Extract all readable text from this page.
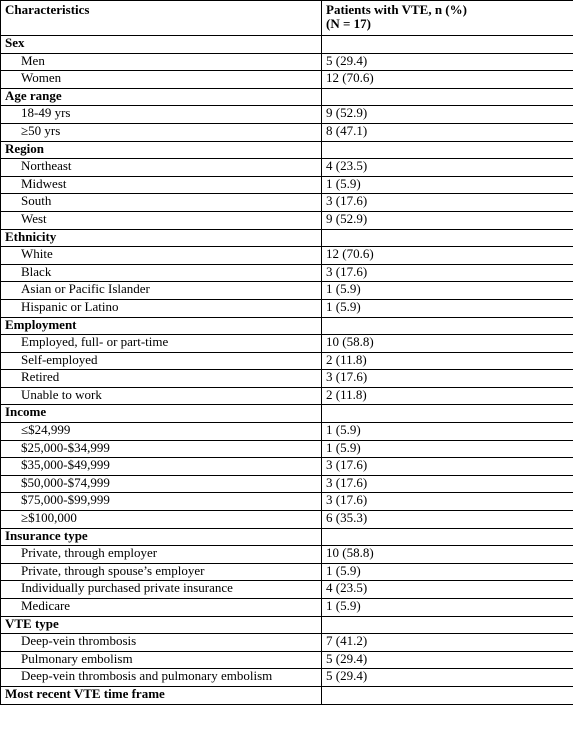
Characteristics	Patients with VTE, n (%)
(N = 17)

Sex	
Men	5 (29.4)
Women	12 (70.6)
Age range	
18-49 yrs	9 (52.9)
≥50 yrs	8 (47.1)
Region	
Northeast	4 (23.5)
Midwest	1 (5.9)
South	3 (17.6)
West	9 (52.9)
Ethnicity	
White	12 (70.6)
Black	3 (17.6)
Asian or Pacific Islander	1 (5.9)
Hispanic or Latino	1 (5.9)
Employment	
Employed, full- or part-time	10 (58.8)
Self-employed	2 (11.8)
Retired	3 (17.6)
Unable to work	2 (11.8)
Income	
≤$24,999	1 (5.9)
$25,000-$34,999	1 (5.9)
$35,000-$49,999	3 (17.6)
$50,000-$74,999	3 (17.6)
$75,000-$99,999	3 (17.6)
≥$100,000	6 (35.3)
Insurance type	
Private, through employer	10 (58.8)
Private, through spouse’s employer	1 (5.9)
Individually purchased private insurance	4 (23.5)
Medicare	1 (5.9)
VTE type	
Deep-vein thrombosis	7 (41.2)
Pulmonary embolism	5 (29.4)
Deep-vein thrombosis and pulmonary embolism	5 (29.4)
Most recent VTE time frame	
